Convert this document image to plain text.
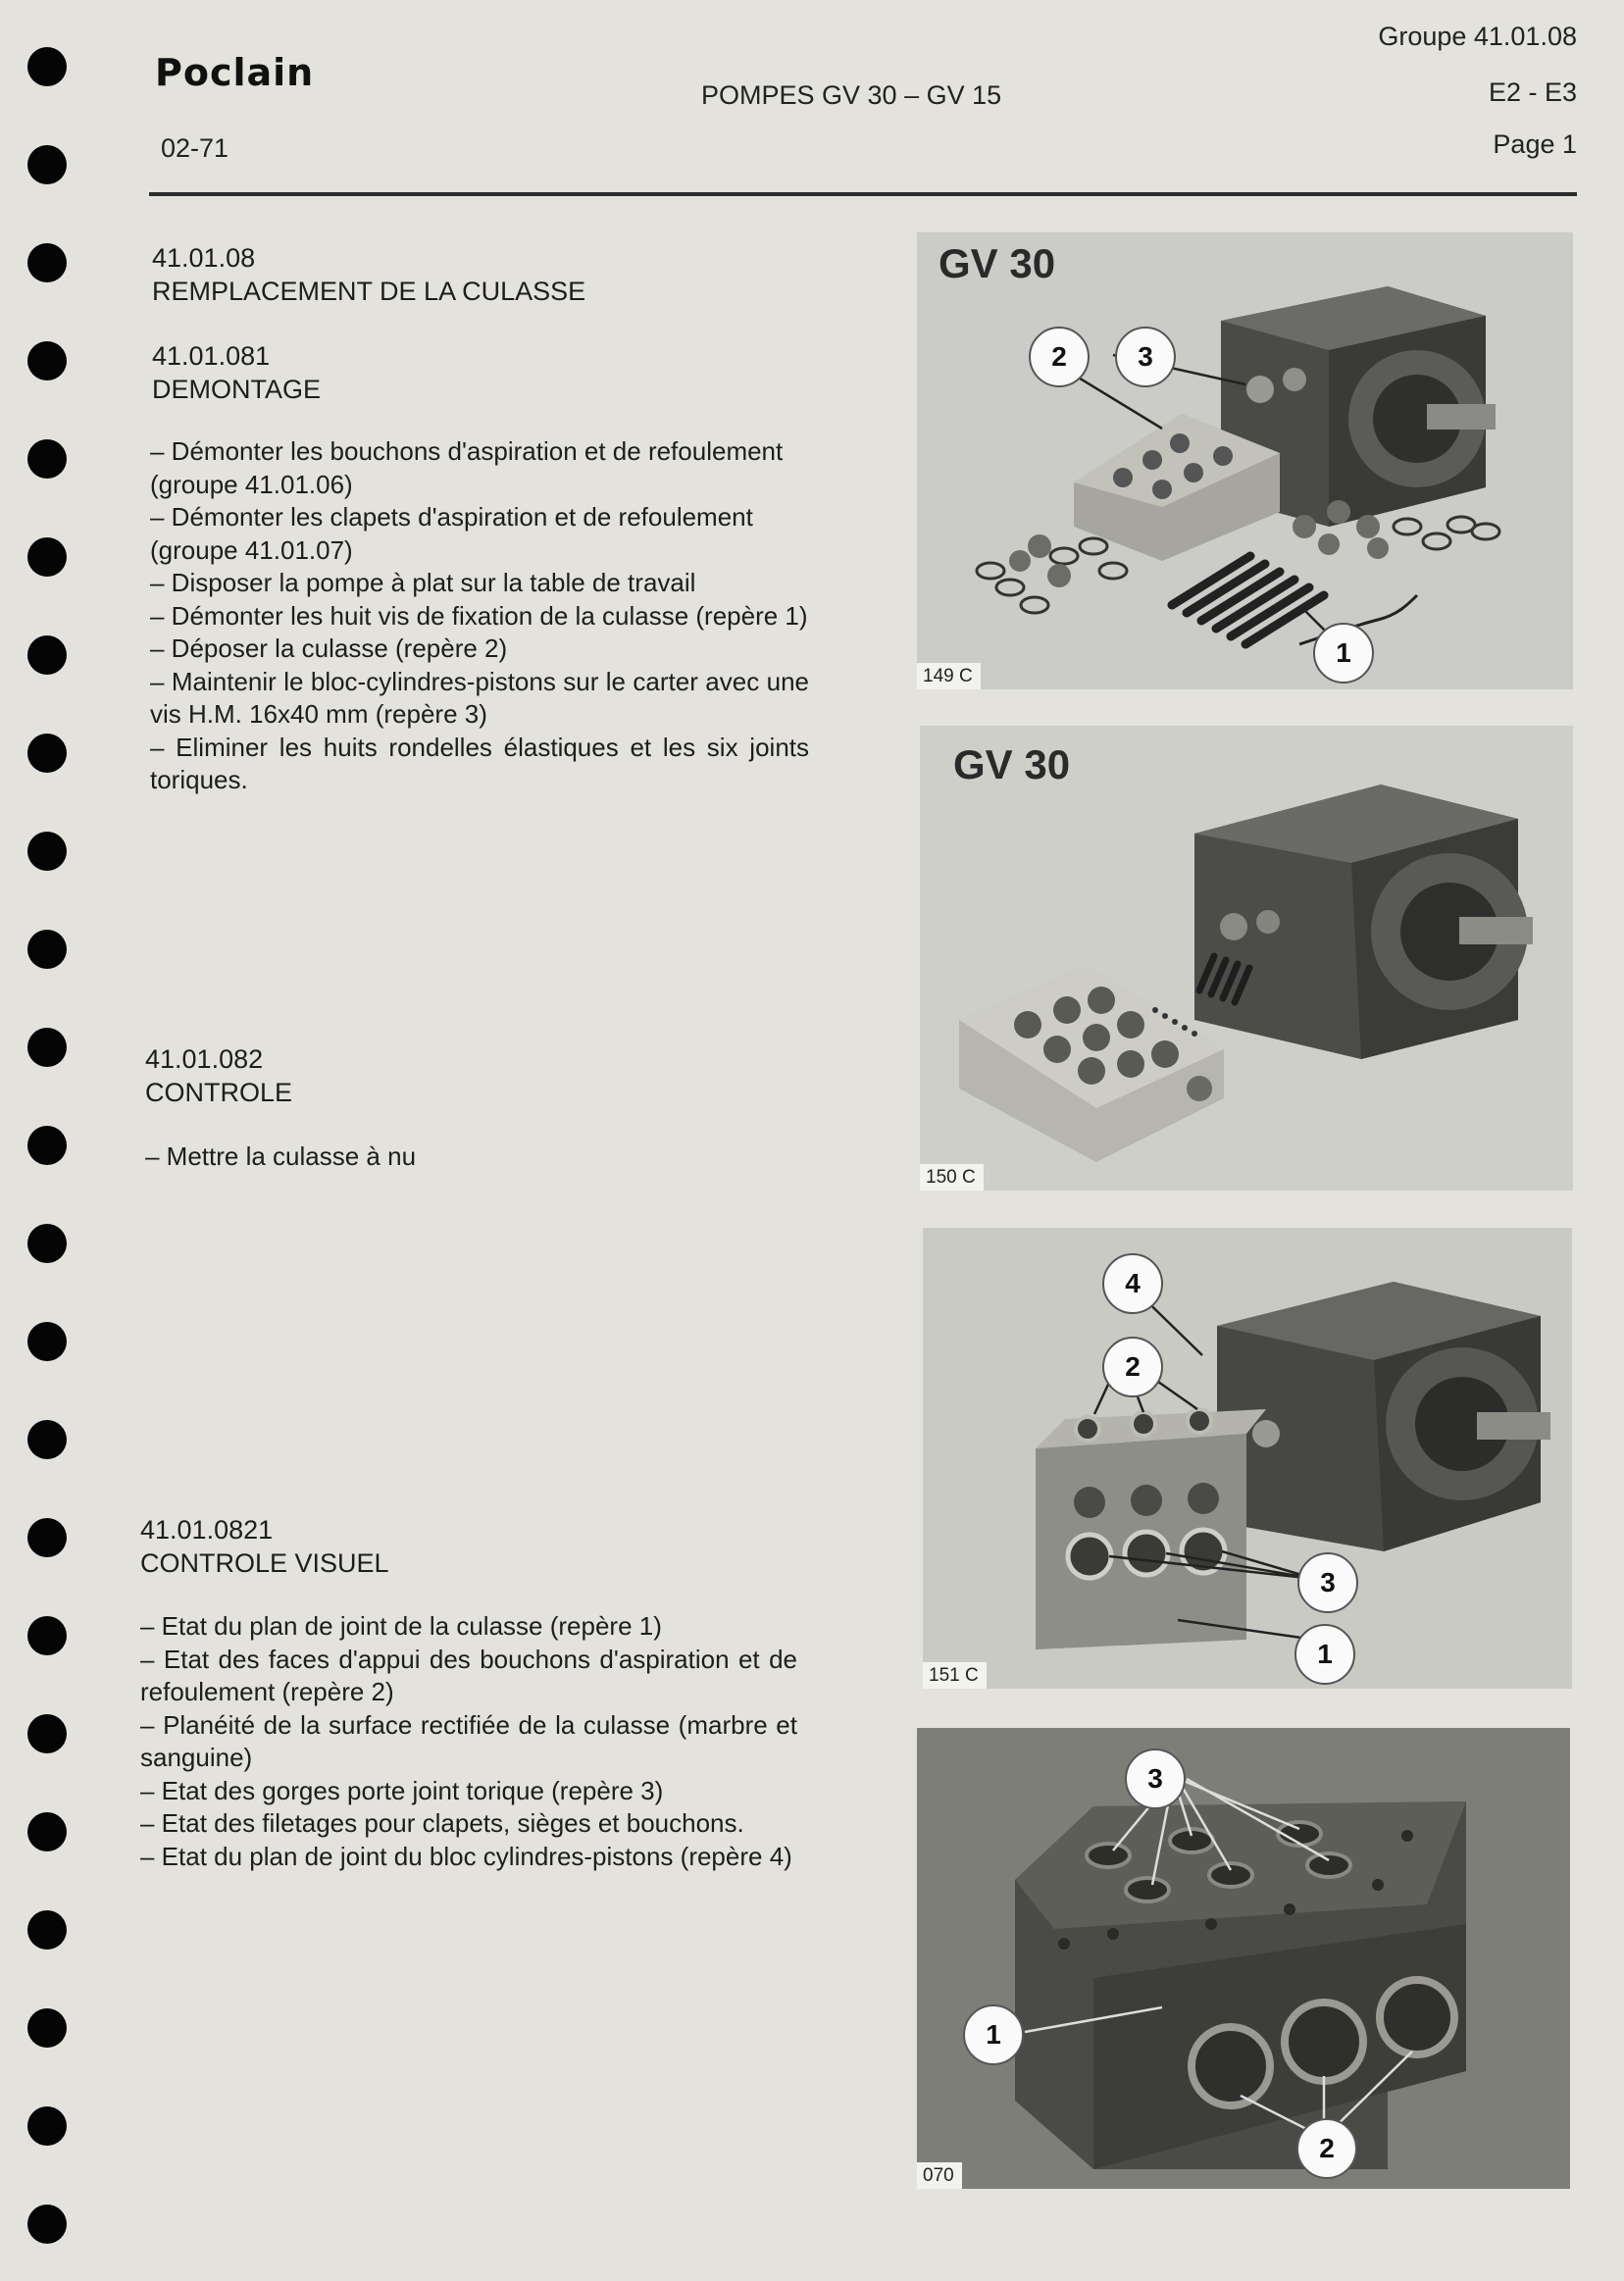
Poclain
02-71
POMPES GV 30 – GV 15
Groupe 41.01.08
E2 - E3
Page 1
41.01.08
REMPLACEMENT DE LA CULASSE
41.01.081
DEMONTAGE

– Démonter les bouchons d'aspiration et de refoulement

(groupe 41.01.06)

– Démonter les clapets d'aspiration et de refoulement

(groupe 41.01.07)

– Disposer la pompe à plat sur la table de travail

– Démonter les huit vis de fixation de la culasse (repère 1)

– Déposer la culasse (repère 2)

– Maintenir le bloc-cylindres-pistons sur le carter avec une vis H.M. 16x40 mm (repère 3)

– Eliminer les huits rondelles élastiques et les six joints toriques.

41.01.082
CONTROLE

– Mettre la culasse à nu

41.01.0821
CONTROLE VISUEL

– Etat du plan de joint de la culasse (repère 1)

– Etat des faces d'appui des bouchons d'aspiration et de refoulement (repère 2)

– Planéité de la surface rectifiée de la culasse (marbre et sanguine)

– Etat des gorges porte joint torique (repère 3)

– Etat des filetages pour clapets, sièges et bouchons.

– Etat du plan de joint du bloc cylindres-pistons (repère 4)

GV 30
2	3
1
149 C
GV 30
150 C
4
2
3
1
151 C
3
1
2
070
